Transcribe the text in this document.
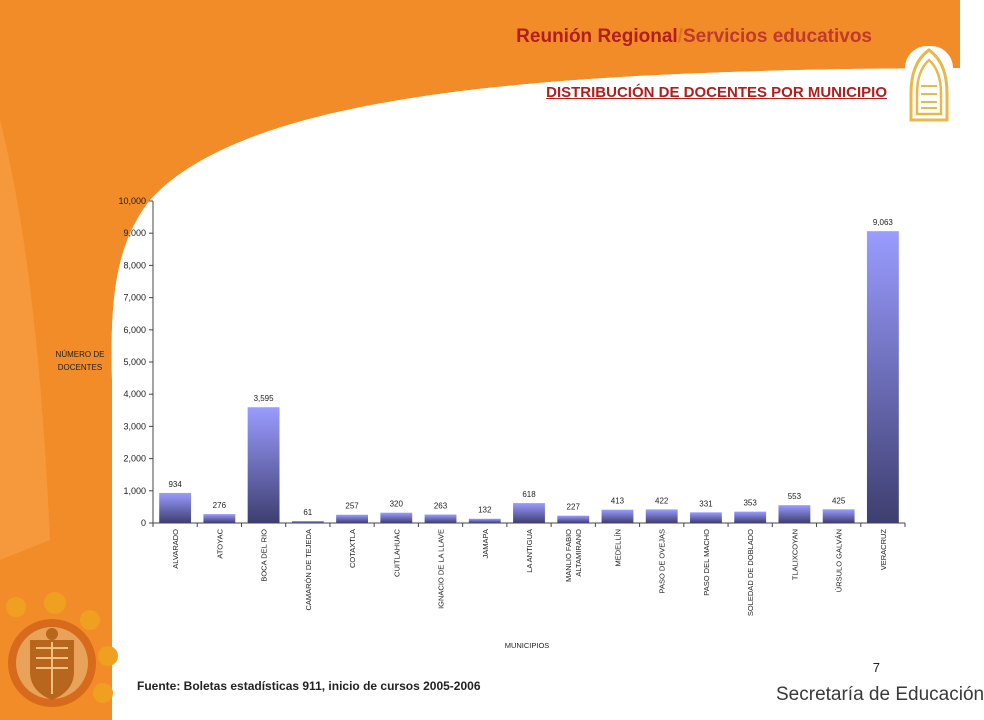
Reunión Regional/Servicios educativos
DISTRIBUCIÓN DE DOCENTES POR MUNICIPIO
0
1,000
2,000
3,000
4,000
5,000
6,000
7,000
8,000
9,000
10,000
NÚMERO DE
DOCENTES
934
ALVARADO
276
ATOYAC
3,595
BOCA DEL RIO
61
CAMARÓN DE TEJEDA
257
COTAXTLA
320
CUITLAHUAC
263
IGNACIO DE LA LLAVE
132
JAMAPA
618
LA ANTIGUA
227
MANLIO FABIO ALTAMIRANO
413
MEDELLÍN
422
PASO DE OVEJAS
331
PASO DEL MACHO
353
SOLEDAD DE DOBLADO
553
TLALIXCOYAN
425
ÚRSULO GALVÁN
9,063
VERACRUZ
MUNICIPIOS
7
Fuente: Boletas estadísticas 911, inicio de cursos 2005-2006	Secretaría de Educación
